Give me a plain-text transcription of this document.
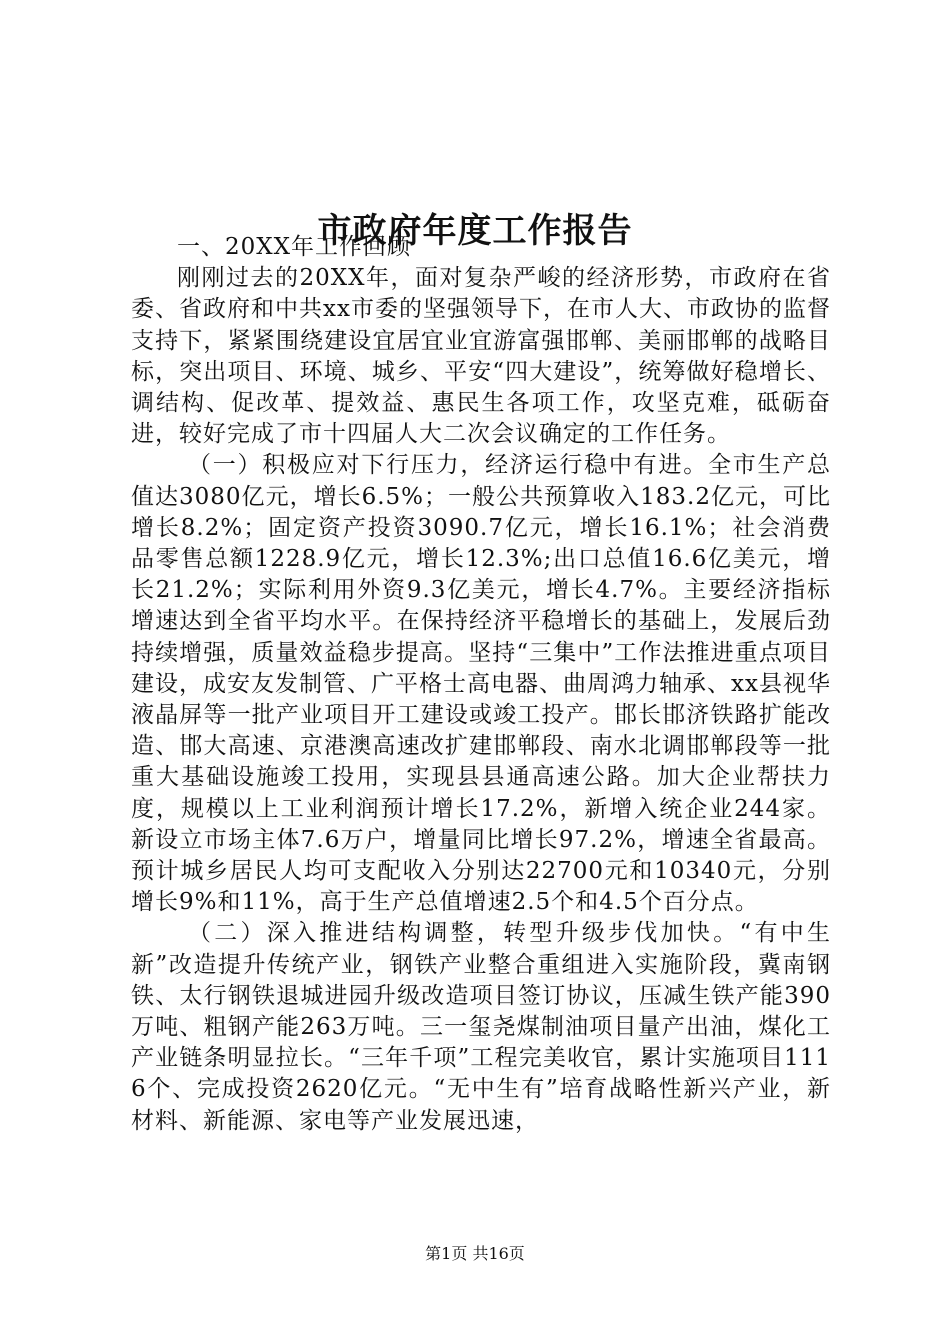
市政府年度工作报告

一、20XX年工作回顾

刚刚过去的20XX年，面对复杂严峻的经济形势，市政府在省委、省政府和中共xx市委的坚强领导下，在市人大、市政协的监督支持下，紧紧围绕建设宜居宜业宜游富强邯郸、美丽邯郸的战略目标，突出项目、环境、城乡、平安“四大建设”，统筹做好稳增长、调结构、促改革、提效益、惠民生各项工作，攻坚克难，砥砺奋进，较好完成了市十四届人大二次会议确定的工作任务。

（一）积极应对下行压力，经济运行稳中有进。全市生产总值达3080亿元，增长6.5%；一般公共预算收入183.2亿元，可比增长8.2%；固定资产投资3090.7亿元，增长16.1%；社会消费品零售总额1228.9亿元，增长12.3%;出口总值16.6亿美元，增长21.2%；实际利用外资9.3亿美元，增长4.7%。主要经济指标增速达到全省平均水平。在保持经济平稳增长的基础上，发展后劲持续增强，质量效益稳步提高。坚持“三集中”工作法推进重点项目建设，成安友发制管、广平格士高电器、曲周鸿力轴承、xx县视华液晶屏等一批产业项目开工建设或竣工投产。邯长邯济铁路扩能改造、邯大高速、京港澳高速改扩建邯郸段、南水北调邯郸段等一批重大基础设施竣工投用，实现县县通高速公路。加大企业帮扶力度，规模以上工业利润预计增长17.2%，新增入统企业244家。新设立市场主体7.6万户，增量同比增长97.2%，增速全省最高。预计城乡居民人均可支配收入分别达22700元和10340元，分别增长9%和11%，高于生产总值增速2.5个和4.5个百分点。

（二）深入推进结构调整，转型升级步伐加快。“有中生新”改造提升传统产业，钢铁产业整合重组进入实施阶段，冀南钢铁、太行钢铁退城进园升级改造项目签订协议，压减生铁产能390万吨、粗钢产能263万吨。三一玺尧煤制油项目量产出油，煤化工产业链条明显拉长。“三年千项”工程完美收官，累计实施项目1116个、完成投资2620亿元。“无中生有”培育战略性新兴产业，新材料、新能源、家电等产业发展迅速，

第1页 共16页
